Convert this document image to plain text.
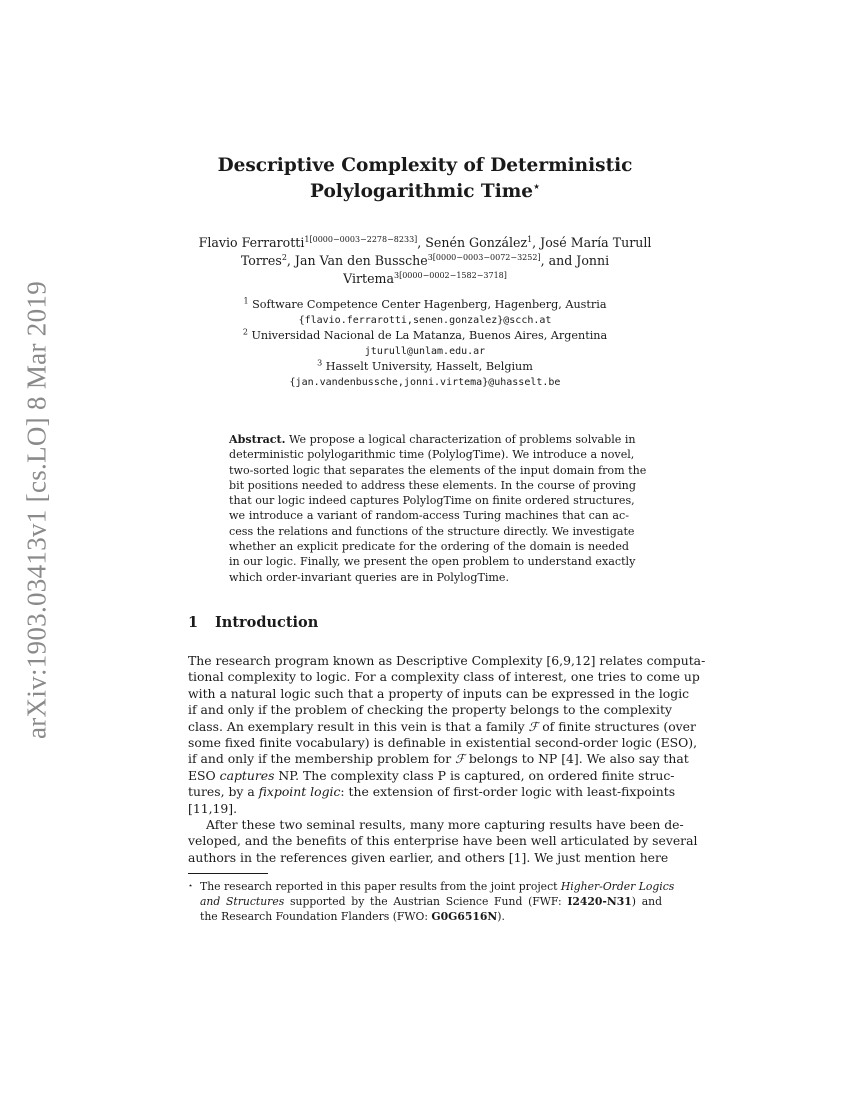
arXiv:1903.03413v1 [cs.LO] 8 Mar 2019
Descriptive Complexity of Deterministic
Polylogarithmic Time⋆
Flavio Ferrarotti$^{1[0000-0003-2278-8233]}$, Senén González$^1$, José María Turull
Torres$^2$, Jan Van den Bussche$^{3[0000-0003-0072-3252]}$, and Jonni
Virtema$^{3[0000-0002-1582-3718]}$
$^1$ Software Competence Center Hagenberg, Hagenberg, Austria
{flavio.ferrarotti,senen.gonzalez}@scch.at
$^2$ Universidad Nacional de La Matanza, Buenos Aires, Argentina
jturull@unlam.edu.ar
$^3$ Hasselt University, Hasselt, Belgium
{jan.vandenbussche,jonni.virtema}@uhasselt.be
Abstract. We propose a logical characterization of problems solvable in
deterministic polylogarithmic time (PolylogTime). We introduce a novel,
two-sorted logic that separates the elements of the input domain from the
bit positions needed to address these elements. In the course of proving
that our logic indeed captures PolylogTime on finite ordered structures,
we introduce a variant of random-access Turing machines that can ac-
cess the relations and functions of the structure directly. We investigate
whether an explicit predicate for the ordering of the domain is needed
in our logic. Finally, we present the open problem to understand exactly
which order-invariant queries are in PolylogTime.
1 Introduction
The research program known as Descriptive Complexity [6,9,12] relates computa-
tional complexity to logic. For a complexity class of interest, one tries to come up
with a natural logic such that a property of inputs can be expressed in the logic
if and only if the problem of checking the property belongs to the complexity
class. An exemplary result in this vein is that a family ℱ of finite structures (over
some fixed finite vocabulary) is definable in existential second-order logic (ESO),
if and only if the membership problem for ℱ belongs to NP [4]. We also say that
ESO captures NP. The complexity class P is captured, on ordered finite struc-
tures, by a fixpoint logic: the extension of first-order logic with least-fixpoints
[11,19].
After these two seminal results, many more capturing results have been de-
veloped, and the benefits of this enterprise have been well articulated by several
authors in the references given earlier, and others [1]. We just mention here
⋆ The research reported in this paper results from the joint project Higher-Order Logics
and Structures supported by the Austrian Science Fund (FWF: I2420-N31) and
the Research Foundation Flanders (FWO: G0G6516N).
